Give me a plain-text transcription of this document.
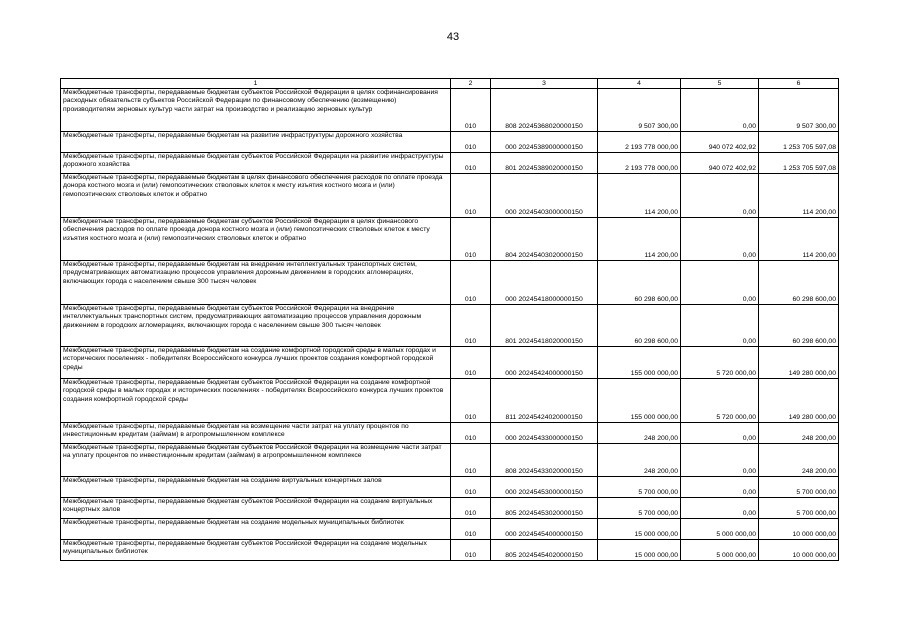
43
1	2	3	4	5	6
Межбюджетные трансферты, передаваемые бюджетам субъектов Российской Федерации в целях софинансирования расходных обязательств субъектов Российской Федерации по финансовому обеспечению (возмещению) производителям зерновых культур части затрат на производство и реализацию зерновых культур	010	808 20245368020000150	9 507 300,00	0,00	9 507 300,00
Межбюджетные трансферты, передаваемые бюджетам на развитие инфраструктуры дорожного хозяйства	010	000 20245389000000150	2 193 778 000,00	940 072 402,92	1 253 705 597,08
Межбюджетные трансферты, передаваемые бюджетам субъектов Российской Федерации на развитие инфраструктуры дорожного хозяйства	010	801 20245389020000150	2 193 778 000,00	940 072 402,92	1 253 705 597,08
Межбюджетные трансферты, передаваемые бюджетам в целях финансового обеспечения расходов по оплате проезда донора костного мозга и (или) гемопоэтических стволовых клеток к месту изъятия костного мозга и (или) гемопоэтических стволовых клеток и обратно	010	000 20245403000000150	114 200,00	0,00	114 200,00
Межбюджетные трансферты, передаваемые бюджетам субъектов Российской Федерации в целях финансового обеспечения расходов по оплате проезда донора костного мозга и (или) гемопоэтических стволовых клеток к месту изъятия костного мозга и (или) гемопоэтических стволовых клеток и обратно	010	804 20245403020000150	114 200,00	0,00	114 200,00
Межбюджетные трансферты, передаваемые бюджетам на внедрение интеллектуальных транспортных систем, предусматривающих автоматизацию процессов управления дорожным движением в городских агломерациях, включающих города с населением свыше 300 тысяч человек	010	000 20245418000000150	60 298 600,00	0,00	60 298 600,00
Межбюджетные трансферты, передаваемые бюджетам субъектов Российской Федерации на внедрение интеллектуальных транспортных систем, предусматривающих автоматизацию процессов управления дорожным движением в городских агломерациях, включающих города с населением свыше 300 тысяч человек	010	801 20245418020000150	60 298 600,00	0,00	60 298 600,00
Межбюджетные трансферты, передаваемые бюджетам на создание комфортной городской среды в малых городах и исторических поселениях - победителях Всероссийского конкурса лучших проектов создания комфортной городской среды	010	000 20245424000000150	155 000 000,00	5 720 000,00	149 280 000,00
Межбюджетные трансферты, передаваемые бюджетам субъектов Российской Федерации на создание комфортной городской среды в малых городах и исторических поселениях - победителях Всероссийского конкурса лучших проектов создания комфортной городской среды	010	811 20245424020000150	155 000 000,00	5 720 000,00	149 280 000,00
Межбюджетные трансферты, передаваемые бюджетам на возмещение части затрат на уплату процентов по инвестиционным кредитам (займам) в агропромышленном комплексе	010	000 20245433000000150	248 200,00	0,00	248 200,00
Межбюджетные трансферты, передаваемые бюджетам субъектов Российской Федерации на возмещение части затрат на уплату процентов по инвестиционным кредитам (займам) в агропромышленном комплексе	010	808 20245433020000150	248 200,00	0,00	248 200,00
Межбюджетные трансферты, передаваемые бюджетам на создание виртуальных концертных залов	010	000 20245453000000150	5 700 000,00	0,00	5 700 000,00
Межбюджетные трансферты, передаваемые бюджетам субъектов Российской Федерации на создание виртуальных концертных залов	010	805 20245453020000150	5 700 000,00	0,00	5 700 000,00
Межбюджетные трансферты, передаваемые бюджетам на создание модельных муниципальных библиотек	010	000 20245454000000150	15 000 000,00	5 000 000,00	10 000 000,00
Межбюджетные трансферты, передаваемые бюджетам субъектов Российской Федерации на создание модельных муниципальных библиотек	010	805 20245454020000150	15 000 000,00	5 000 000,00	10 000 000,00
